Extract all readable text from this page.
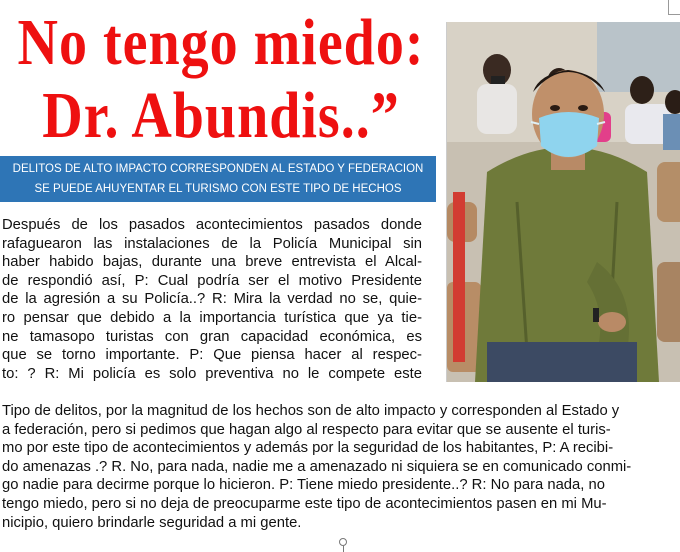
No tengo miedo:
Dr. Abundis..”
DELITOS DE ALTO IMPACTO CORRESPONDEN AL ESTADO Y FEDERACION
SE PUEDE AHUYENTAR EL TURISMO CON ESTE TIPO DE HECHOS
Después de los pasados acontecimientos pasados donde
rafaguearon las instalaciones de la Policía Municipal sin
haber habido bajas, durante una breve entrevista el Alcal-
de respondió así, P: Cual podría ser el motivo Presidente
de la agresión a su Policía..? R: Mira la verdad no se, quie-
ro pensar que debido a la importancia turística que ya tie-
ne tamasopo turistas con gran capacidad económica, es
que se torno importante. P: Que piensa hacer al respec-
to: ? R: Mi policía es solo preventiva no le compete este
Tipo de delitos, por la magnitud de los hechos son de alto impacto y corresponden al Estado y
a federación, pero si pedimos que hagan algo al respecto para evitar que se ausente el turis-
mo por este tipo de acontecimientos y además por la seguridad de los habitantes, P: A recibi-
do amenazas .? R. No, para nada, nadie me a amenazado ni siquiera se en comunicado conmi-
go nadie para decirme porque lo hicieron. P: Tiene miedo presidente..? R: No para nada, no
tengo miedo, pero si no deja de preocuparme este tipo de acontecimientos pasen en mi Mu-
nicipio, quiero brindarle seguridad a mi gente.
